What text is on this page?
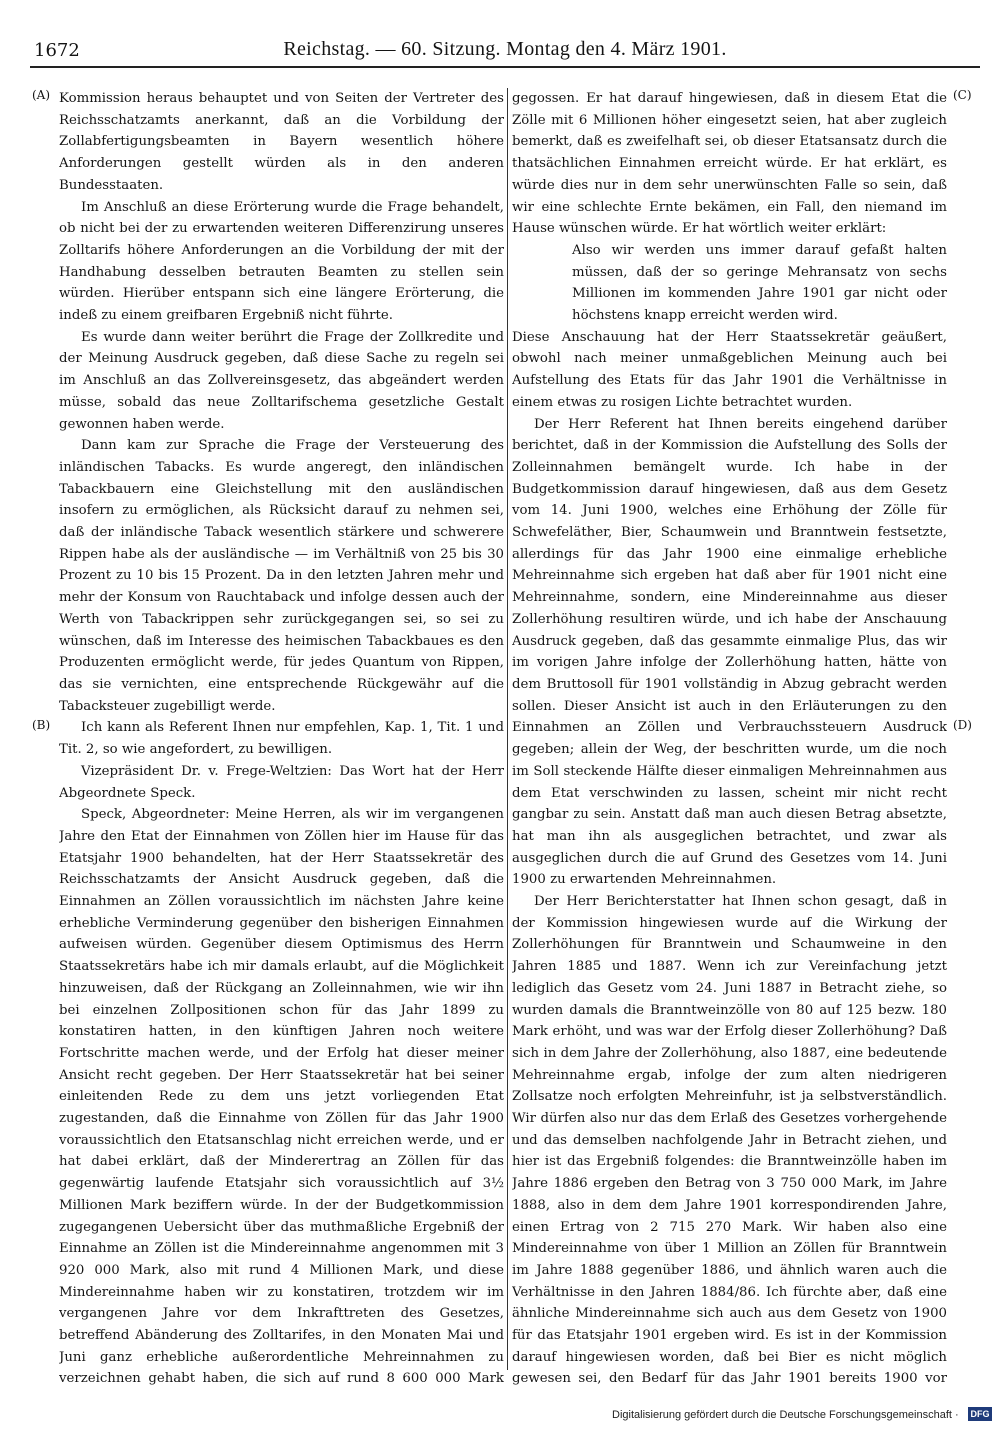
1672	Reichstag. — 60. Sitzung. Montag den 4. März 1901.
(A)
(B)
(C)
(D)

Kommission heraus behauptet und von Seiten der Vertreter des Reichsschatzamts anerkannt, daß an die Vorbildung der Zollabfertigungsbeamten in Bayern wesentlich höhere Anforderungen gestellt würden als in den anderen Bundesstaaten.

Im Anschluß an diese Erörterung wurde die Frage behandelt, ob nicht bei der zu erwartenden weiteren Differenzirung unseres Zolltarifs höhere Anforderungen an die Vorbildung der mit der Handhabung desselben betrauten Beamten zu stellen sein würden. Hierüber entspann sich eine längere Erörterung, die indeß zu einem greifbaren Ergebniß nicht führte.

Es wurde dann weiter berührt die Frage der Zollkredite und der Meinung Ausdruck gegeben, daß diese Sache zu regeln sei im Anschluß an das Zollvereinsgesetz, das abgeändert werden müsse, sobald das neue Zolltarifschema gesetzliche Gestalt gewonnen haben werde.

Dann kam zur Sprache die Frage der Versteuerung des inländischen Tabacks. Es wurde angeregt, den inländischen Tabackbauern eine Gleichstellung mit den ausländischen insofern zu ermöglichen, als Rücksicht darauf zu nehmen sei, daß der inländische Taback wesentlich stärkere und schwerere Rippen habe als der ausländische — im Verhältniß von 25 bis 30 Prozent zu 10 bis 15 Prozent. Da in den letzten Jahren mehr und mehr der Konsum von Rauchtaback und infolge dessen auch der Werth von Tabackrippen sehr zurückgegangen sei, so sei zu wünschen, daß im Interesse des heimischen Tabackbaues es den Produzenten ermöglicht werde, für jedes Quantum von Rippen, das sie vernichten, eine entsprechende Rückgewähr auf die Tabacksteuer zugebilligt werde.

Ich kann als Referent Ihnen nur empfehlen, Kap. 1, Tit. 1 und Tit. 2, so wie angefordert, zu bewilligen.

Vizepräsident Dr. v. Frege-Weltzien: Das Wort hat der Herr Abgeordnete Speck.

Speck, Abgeordneter: Meine Herren, als wir im vergangenen Jahre den Etat der Einnahmen von Zöllen hier im Hause für das Etatsjahr 1900 behandelten, hat der Herr Staatssekretär des Reichsschatzamts der Ansicht Ausdruck gegeben, daß die Einnahmen an Zöllen voraussichtlich im nächsten Jahre keine erhebliche Verminderung gegenüber den bisherigen Einnahmen aufweisen würden. Gegenüber diesem Optimismus des Herrn Staatssekretärs habe ich mir damals erlaubt, auf die Möglichkeit hinzuweisen, daß der Rückgang an Zolleinnahmen, wie wir ihn bei einzelnen Zollpositionen schon für das Jahr 1899 zu konstatiren hatten, in den künftigen Jahren noch weitere Fortschritte machen werde, und der Erfolg hat dieser meiner Ansicht recht gegeben. Der Herr Staatssekretär hat bei seiner einleitenden Rede zu dem uns jetzt vorliegenden Etat zugestanden, daß die Einnahme von Zöllen für das Jahr 1900 voraussichtlich den Etatsanschlag nicht erreichen werde, und er hat dabei erklärt, daß der Minderertrag an Zöllen für das gegenwärtig laufende Etatsjahr sich voraussichtlich auf 3½ Millionen Mark beziffern würde. In der der Budgetkommission zugegangenen Uebersicht über das muthmaßliche Ergebniß der Einnahme an Zöllen ist die Mindereinnahme angenommen mit 3 920 000 Mark, also mit rund 4 Millionen Mark, und diese Mindereinnahme haben wir zu konstatiren, trotzdem wir im vergangenen Jahre vor dem Inkrafttreten des Gesetzes, betreffend Abänderung des Zolltarifes, in den Monaten Mai und Juni ganz erhebliche außerordentliche Mehreinnahmen zu verzeichnen gehabt haben, die sich auf rund 8 600 000 Mark

gegossen. Er hat darauf hingewiesen, daß in diesem Etat die Zölle mit 6 Millionen höher eingesetzt seien, hat aber zugleich bemerkt, daß es zweifelhaft sei, ob dieser Etatsansatz durch die thatsächlichen Einnahmen erreicht würde. Er hat erklärt, es würde dies nur in dem sehr unerwünschten Falle so sein, daß wir eine schlechte Ernte bekämen, ein Fall, den niemand im Hause wünschen würde. Er hat wörtlich weiter erklärt:

Also wir werden uns immer darauf gefaßt halten müssen, daß der so geringe Mehransatz von sechs Millionen im kommenden Jahre 1901 gar nicht oder höchstens knapp erreicht werden wird.

Diese Anschauung hat der Herr Staatssekretär geäußert, obwohl nach meiner unmaßgeblichen Meinung auch bei Aufstellung des Etats für das Jahr 1901 die Verhältnisse in einem etwas zu rosigen Lichte betrachtet wurden.

Der Herr Referent hat Ihnen bereits eingehend darüber berichtet, daß in der Kommission die Aufstellung des Solls der Zolleinnahmen bemängelt wurde. Ich habe in der Budgetkommission darauf hingewiesen, daß aus dem Gesetz vom 14. Juni 1900, welches eine Erhöhung der Zölle für Schwefeläther, Bier, Schaumwein und Branntwein festsetzte, allerdings für das Jahr 1900 eine einmalige erhebliche Mehreinnahme sich ergeben hat daß aber für 1901 nicht eine Mehreinnahme, sondern, eine Mindereinnahme aus dieser Zollerhöhung resultiren würde, und ich habe der Anschauung Ausdruck gegeben, daß das gesammte einmalige Plus, das wir im vorigen Jahre infolge der Zollerhöhung hatten, hätte von dem Bruttosoll für 1901 vollständig in Abzug gebracht werden sollen. Dieser Ansicht ist auch in den Erläuterungen zu den Einnahmen an Zöllen und Verbrauchssteuern Ausdruck gegeben; allein der Weg, der beschritten wurde, um die noch im Soll steckende Hälfte dieser einmaligen Mehreinnahmen aus dem Etat verschwinden zu lassen, scheint mir nicht recht gangbar zu sein. Anstatt daß man auch diesen Betrag absetzte, hat man ihn als ausgeglichen betrachtet, und zwar als ausgeglichen durch die auf Grund des Gesetzes vom 14. Juni 1900 zu erwartenden Mehreinnahmen.

Der Herr Berichterstatter hat Ihnen schon gesagt, daß in der Kommission hingewiesen wurde auf die Wirkung der Zollerhöhungen für Branntwein und Schaumweine in den Jahren 1885 und 1887. Wenn ich zur Vereinfachung jetzt lediglich das Gesetz vom 24. Juni 1887 in Betracht ziehe, so wurden damals die Branntweinzölle von 80 auf 125 bezw. 180 Mark erhöht, und was war der Erfolg dieser Zollerhöhung? Daß sich in dem Jahre der Zollerhöhung, also 1887, eine bedeutende Mehreinnahme ergab, infolge der zum alten niedrigeren Zollsatze noch erfolgten Mehreinfuhr, ist ja selbstverständlich. Wir dürfen also nur das dem Erlaß des Gesetzes vorhergehende und das demselben nachfolgende Jahr in Betracht ziehen, und hier ist das Ergebniß folgendes: die Branntweinzölle haben im Jahre 1886 ergeben den Betrag von 3 750 000 Mark, im Jahre 1888, also in dem dem Jahre 1901 korrespondirenden Jahre, einen Ertrag von 2 715 270 Mark. Wir haben also eine Mindereinnahme von über 1 Million an Zöllen für Branntwein im Jahre 1888 gegenüber 1886, und ähnlich waren auch die Verhältnisse in den Jahren 1884/86. Ich fürchte aber, daß eine ähnliche Mindereinnahme sich auch aus dem Gesetz von 1900 für das Etatsjahr 1901 ergeben wird. Es ist in der Kommission darauf hingewiesen worden, daß bei Bier es nicht möglich gewesen sei, den Bedarf für das Jahr 1901 bereits 1900 vor

Digitalisierung gefördert durch die Deutsche Forschungsgemeinschaft · DFG
